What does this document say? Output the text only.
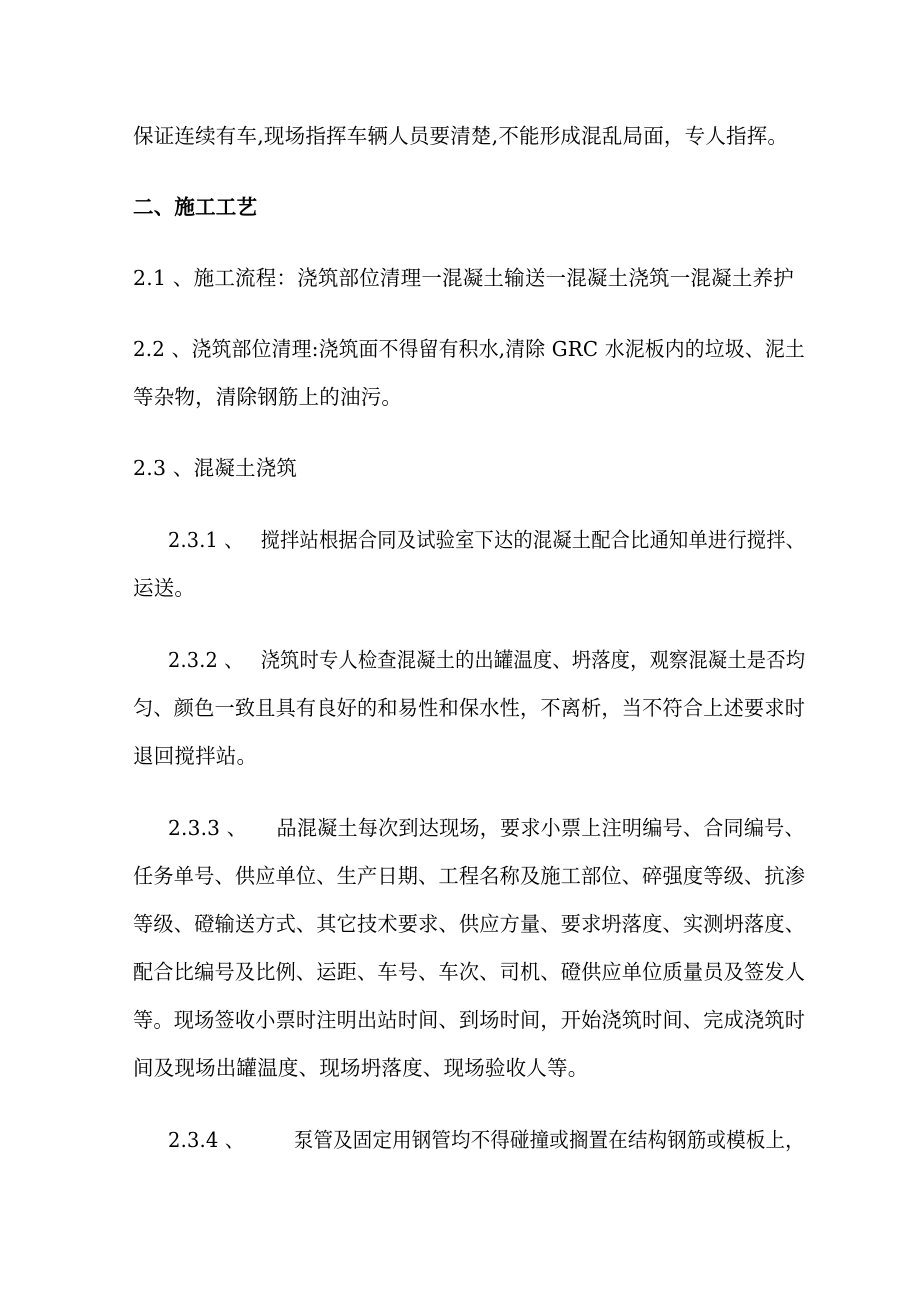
保证连续有车,现场指挥车辆人员要清楚,不能形成混乱局面，专人指挥。
二、施工工艺
2.1 、施工流程：浇筑部位清理一混凝土输送一混凝土浇筑一混凝土养护
2.2 、浇筑部位清理:浇筑面不得留有积水,清除 GRC 水泥板内的垃圾、泥土
等杂物，清除钢筋上的油污。
2.3 、混凝土浇筑
2.3.1 、 搅拌站根据合同及试验室下达的混凝土配合比通知单进行搅拌、
运送。
2.3.2 、 浇筑时专人检查混凝土的出罐温度、坍落度，观察混凝土是否均
匀、颜色一致且具有良好的和易性和保水性，不离析，当不符合上述要求时
退回搅拌站。
2.3.3 、 品混凝土每次到达现场，要求小票上注明编号、合同编号、
任务单号、供应单位、生产日期、工程名称及施工部位、碎强度等级、抗渗
等级、磴输送方式、其它技术要求、供应方量、要求坍落度、实测坍落度、
配合比编号及比例、运距、车号、车次、司机、磴供应单位质量员及签发人
等。现场签收小票时注明出站时间、到场时间，开始浇筑时间、完成浇筑时
间及现场出罐温度、现场坍落度、现场验收人等。
2.3.4 、 泵管及固定用钢管均不得碰撞或搁置在结构钢筋或模板上，
